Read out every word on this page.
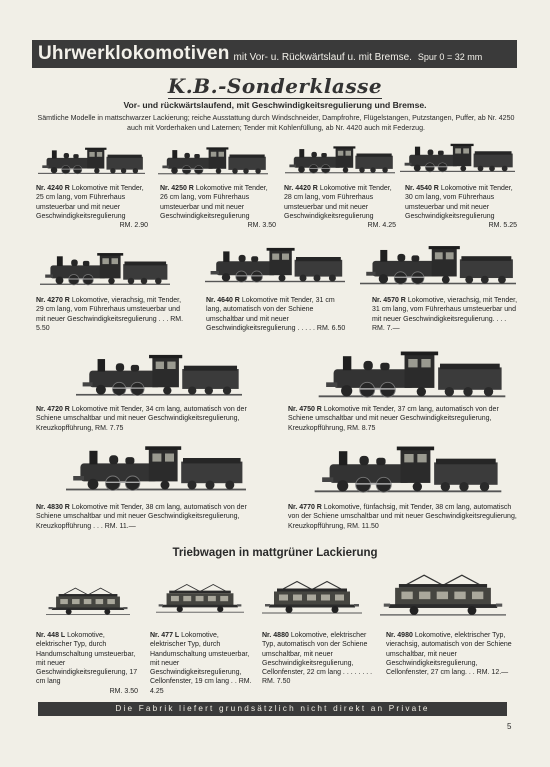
Uhrwerklokomotiven mit Vor- u. Rückwärtslauf u. mit Bremse. Spur 0 = 32 mm
K.B.-Sonderklasse
Vor- und rückwärtslaufend, mit Geschwindigkeitsregulierung und Bremse.
Sämtliche Modelle in mattschwarzer Lackierung; reiche Ausstattung durch Windschneider, Dampfrohre, Flügelstangen, Putzstangen, Puffer, ab Nr. 4250 auch mit Vorderhaken und Laternen; Tender mit Kohlenfüllung, ab Nr. 4420 auch mit Federzug.
Nr. 4240 R Lokomotive mit Tender, 25 cm lang, vom Führerhaus umsteuerbar und mit neuer Geschwindigkeitsregulierung
RM. 2.90
Nr. 4250 R Lokomotive mit Tender, 26 cm lang, vom Führerhaus umsteuerbar und mit neuer Geschwindigkeitsregulierung
RM. 3.50
Nr. 4420 R Lokomotive mit Tender, 28 cm lang, vom Führerhaus umsteuerbar und mit neuer Geschwindigkeitsregulierung
RM. 4.25
Nr. 4540 R Lokomotive mit Tender, 30 cm lang, vom Führerhaus umsteuerbar und mit neuer Geschwindigkeitsregulierung
RM. 5.25
Nr. 4270 R Lokomotive, vierachsig, mit Tender, 29 cm lang, vom Führerhaus umsteuerbar und mit neuer Geschwindigkeitsregulierung . . . RM. 5.50
Nr. 4640 R Lokomotive mit Tender, 31 cm lang, automatisch von der Schiene umschaltbar und mit neuer Geschwindigkeitsregulierung . . . . . RM. 6.50
Nr. 4570 R Lokomotive, vierachsig, mit Tender, 31 cm lang, vom Führerhaus umsteuerbar und mit neuer Geschwindigkeitsregulierung. . . . RM. 7.—
Nr. 4720 R Lokomotive mit Tender, 34 cm lang, automatisch von der Schiene umschaltbar und mit neuer Geschwindigkeitsregulierung, Kreuzkopfführung, RM. 7.75
Nr. 4750 R Lokomotive mit Tender, 37 cm lang, automatisch von der Schiene umschaltbar und mit neuer Geschwindigkeitsregulierung, Kreuzkopfführung, RM. 8.75
Nr. 4830 R Lokomotive mit Tender, 38 cm lang, automatisch von der Schiene umschaltbar und mit neuer Geschwindigkeitsregulierung, Kreuzkopfführung . . . RM. 11.—
Nr. 4770 R Lokomotive, fünfachsig, mit Tender, 38 cm lang, automatisch von der Schiene umschaltbar und mit neuer Geschwindigkeitsregulierung, Kreuzkopfführung, RM. 11.50
Triebwagen in mattgrüner Lackierung
Nr. 448 L Lokomotive, elektrischer Typ, durch Handumschaltung umsteuerbar, mit neuer Geschwindigkeitsregulierung, 17 cm lang
RM. 3.50
Nr. 477 L Lokomotive, elektrischer Typ, durch Handumschaltung umsteuerbar, mit neuer Geschwindigkeitsregulierung, Cellonfenster, 19 cm lang . . RM. 4.25
Nr. 4880 Lokomotive, elektrischer Typ, automatisch von der Schiene umschaltbar, mit neuer Geschwindigkeitsregulierung, Cellonfenster, 22 cm lang . . . . . . . . RM. 7.50
Nr. 4980 Lokomotive, elektrischer Typ, vierachsig, automatisch von der Schiene umschaltbar, mit neuer Geschwindigkeitsregulierung, Cellonfenster, 27 cm lang. . . RM. 12.—
Die Fabrik liefert grundsätzlich nicht direkt an Private
5
